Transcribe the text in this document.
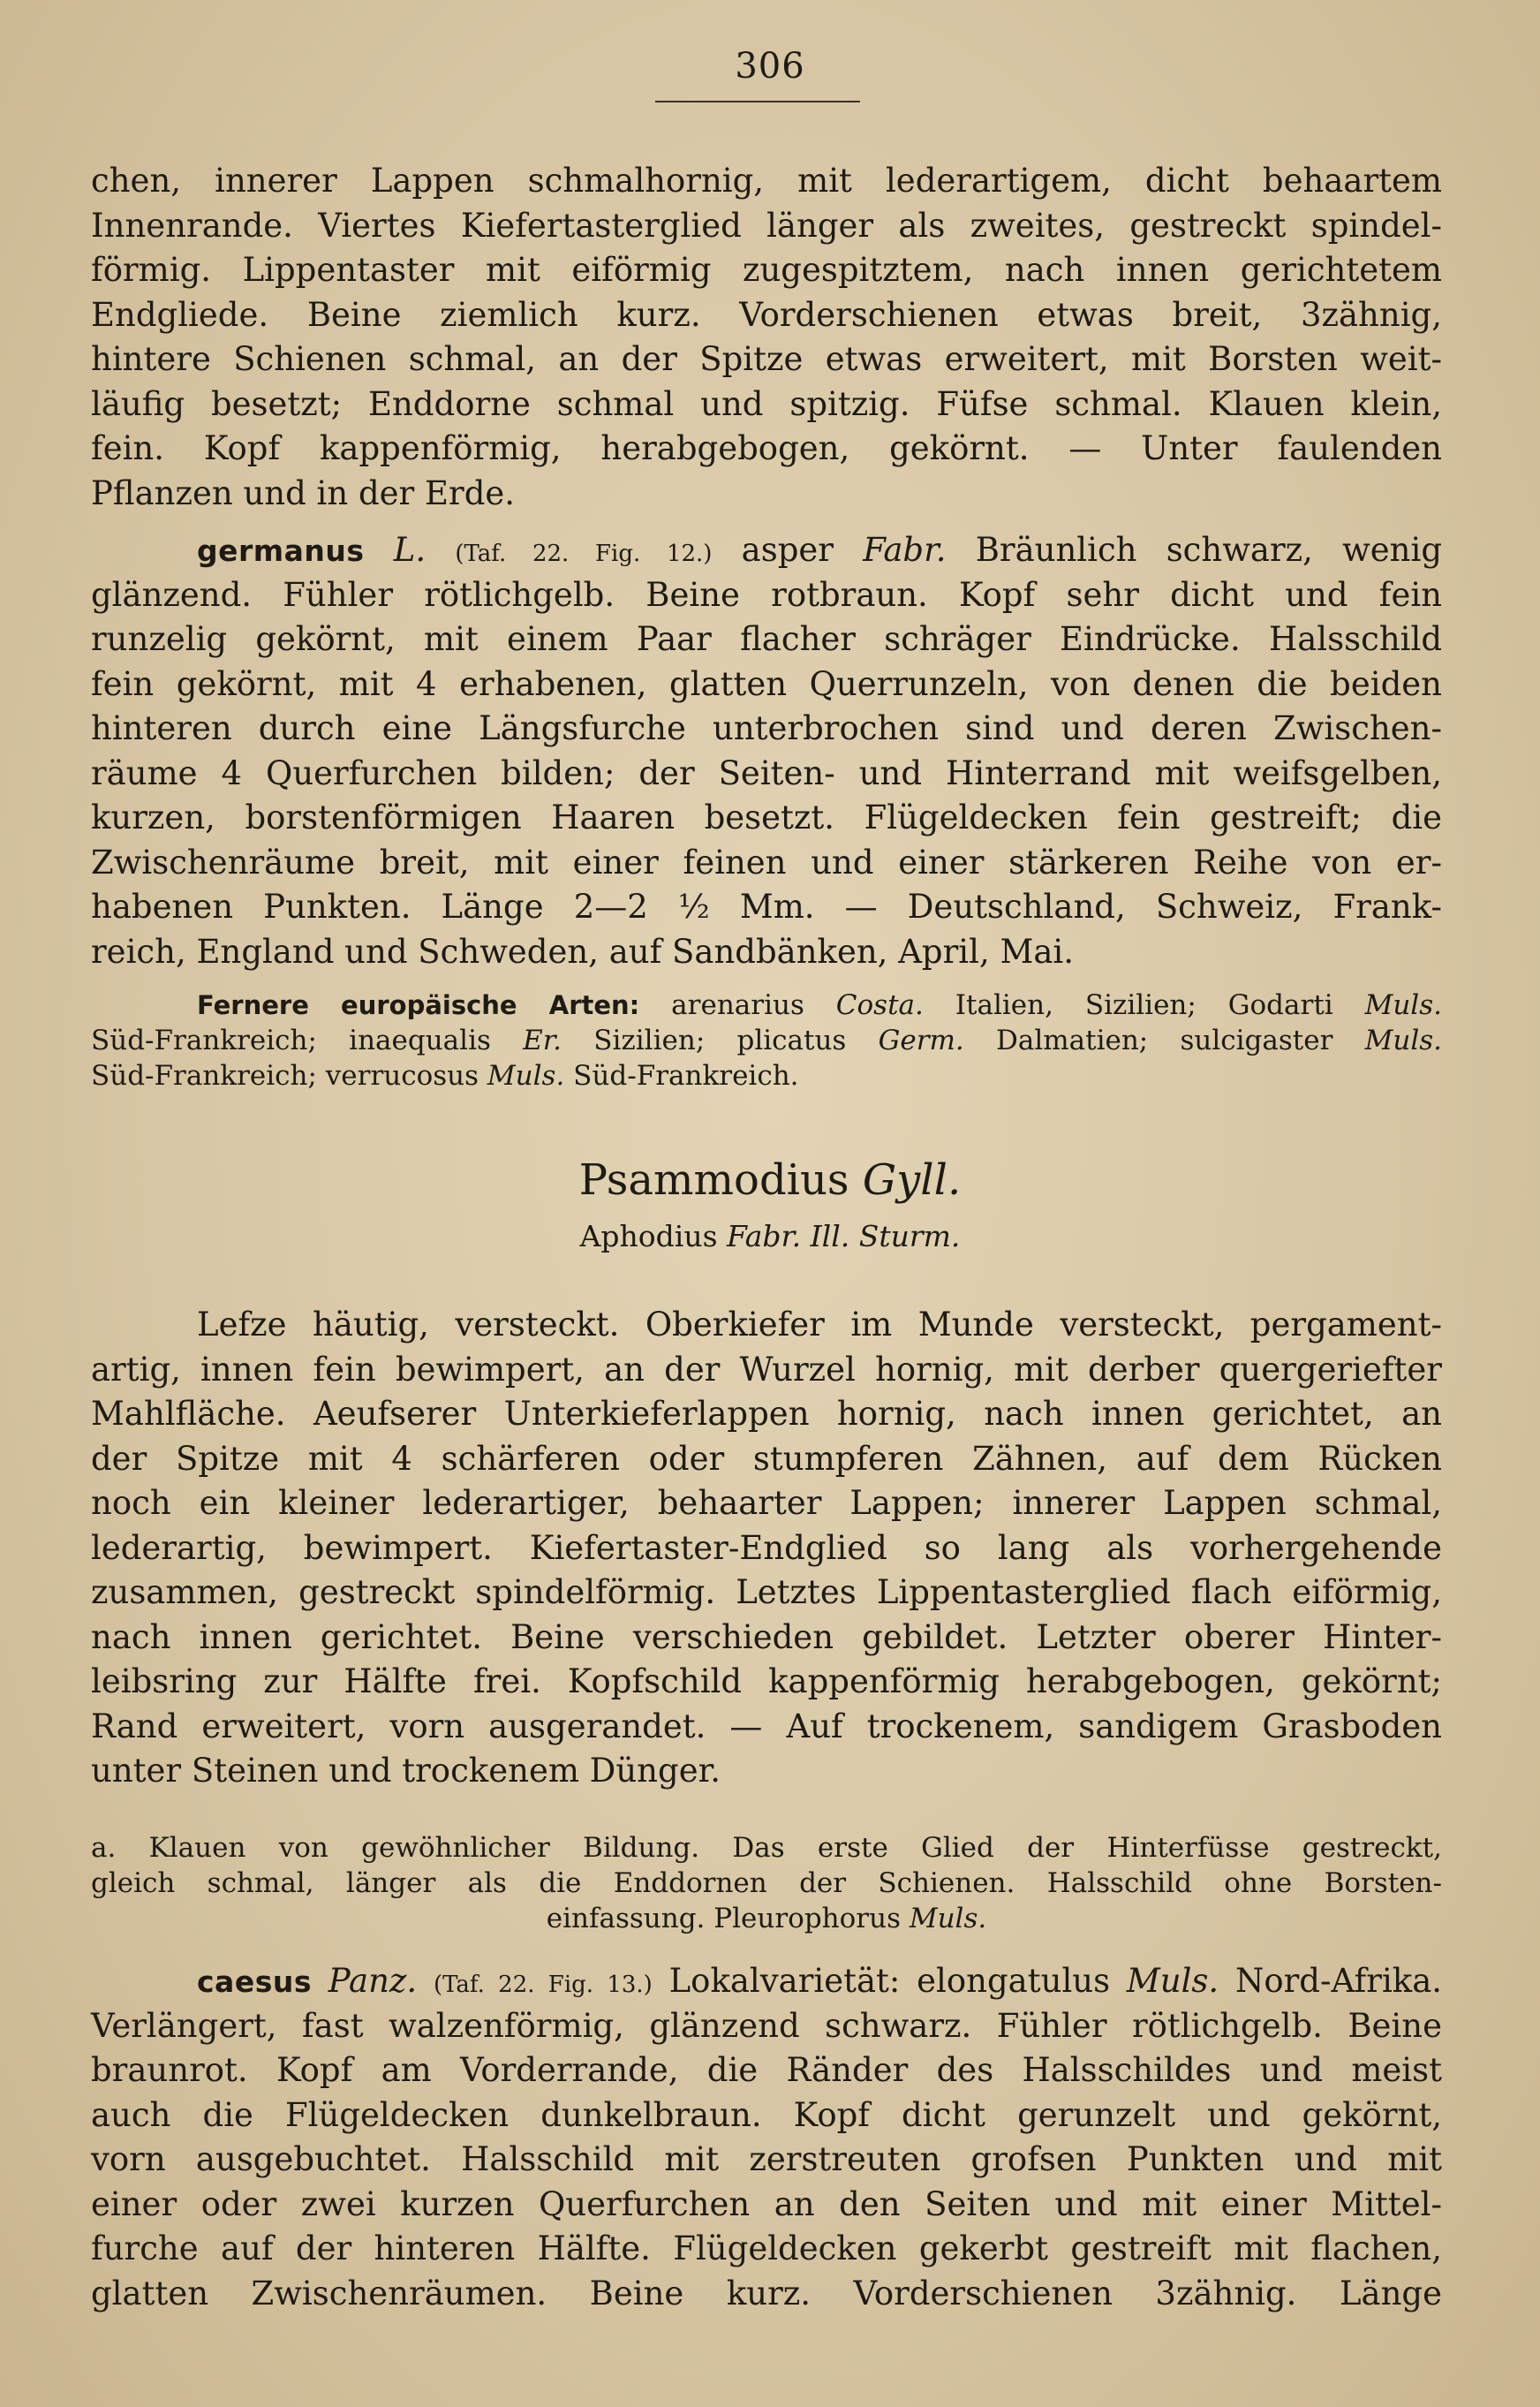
306
chen, innerer Lappen schmalhornig, mit lederartigem, dicht behaartem
Innenrande. Viertes Kiefertasterglied länger als zweites, gestreckt spindel-
förmig. Lippentaster mit eiförmig zugespitztem, nach innen gerichtetem
Endgliede. Beine ziemlich kurz. Vorderschienen etwas breit, 3zähnig,
hintere Schienen schmal, an der Spitze etwas erweitert, mit Borsten weit-
läufig besetzt; Enddorne schmal und spitzig. Füfse schmal. Klauen klein,
fein. Kopf kappenförmig, herabgebogen, gekörnt. — Unter faulenden
Pflanzen und in der Erde.
germanus L. (Taf. 22. Fig. 12.) asper Fabr. Bräunlich schwarz, wenig
glänzend. Fühler rötlichgelb. Beine rotbraun. Kopf sehr dicht und fein
runzelig gekörnt, mit einem Paar flacher schräger Eindrücke. Halsschild
fein gekörnt, mit 4 erhabenen, glatten Querrunzeln, von denen die beiden
hinteren durch eine Längsfurche unterbrochen sind und deren Zwischen-
räume 4 Querfurchen bilden; der Seiten- und Hinterrand mit weifsgelben,
kurzen, borstenförmigen Haaren besetzt. Flügeldecken fein gestreift; die
Zwischenräume breit, mit einer feinen und einer stärkeren Reihe von er-
habenen Punkten. Länge 2—2 ½ Mm. — Deutschland, Schweiz, Frank-
reich, England und Schweden, auf Sandbänken, April, Mai.
Fernere europäische Arten: arenarius Costa. Italien, Sizilien; Godarti Muls.
Süd-Frankreich; inaequalis Er. Sizilien; plicatus Germ. Dalmatien; sulcigaster Muls.
Süd-Frankreich; verrucosus Muls. Süd-Frankreich.
Psammodius Gyll.
Aphodius Fabr. Ill. Sturm.
Lefze häutig, versteckt. Oberkiefer im Munde versteckt, pergament-
artig, innen fein bewimpert, an der Wurzel hornig, mit derber quergeriefter
Mahlfläche. Aeufserer Unterkieferlappen hornig, nach innen gerichtet, an
der Spitze mit 4 schärferen oder stumpferen Zähnen, auf dem Rücken
noch ein kleiner lederartiger, behaarter Lappen; innerer Lappen schmal,
lederartig, bewimpert. Kiefertaster-Endglied so lang als vorhergehende
zusammen, gestreckt spindelförmig. Letztes Lippentasterglied flach eiförmig,
nach innen gerichtet. Beine verschieden gebildet. Letzter oberer Hinter-
leibsring zur Hälfte frei. Kopfschild kappenförmig herabgebogen, gekörnt;
Rand erweitert, vorn ausgerandet. — Auf trockenem, sandigem Grasboden
unter Steinen und trockenem Dünger.
a. Klauen von gewöhnlicher Bildung. Das erste Glied der Hinterfüsse gestreckt,
gleich schmal, länger als die Enddornen der Schienen. Halsschild ohne Borsten-
einfassung. Pleurophorus Muls.
caesus Panz. (Taf. 22. Fig. 13.) Lokalvarietät: elongatulus Muls. Nord-Afrika.
Verlängert, fast walzenförmig, glänzend schwarz. Fühler rötlichgelb. Beine
braunrot. Kopf am Vorderrande, die Ränder des Halsschildes und meist
auch die Flügeldecken dunkelbraun. Kopf dicht gerunzelt und gekörnt,
vorn ausgebuchtet. Halsschild mit zerstreuten grofsen Punkten und mit
einer oder zwei kurzen Querfurchen an den Seiten und mit einer Mittel-
furche auf der hinteren Hälfte. Flügeldecken gekerbt gestreift mit flachen,
glatten Zwischenräumen. Beine kurz. Vorderschienen 3zähnig. Länge
